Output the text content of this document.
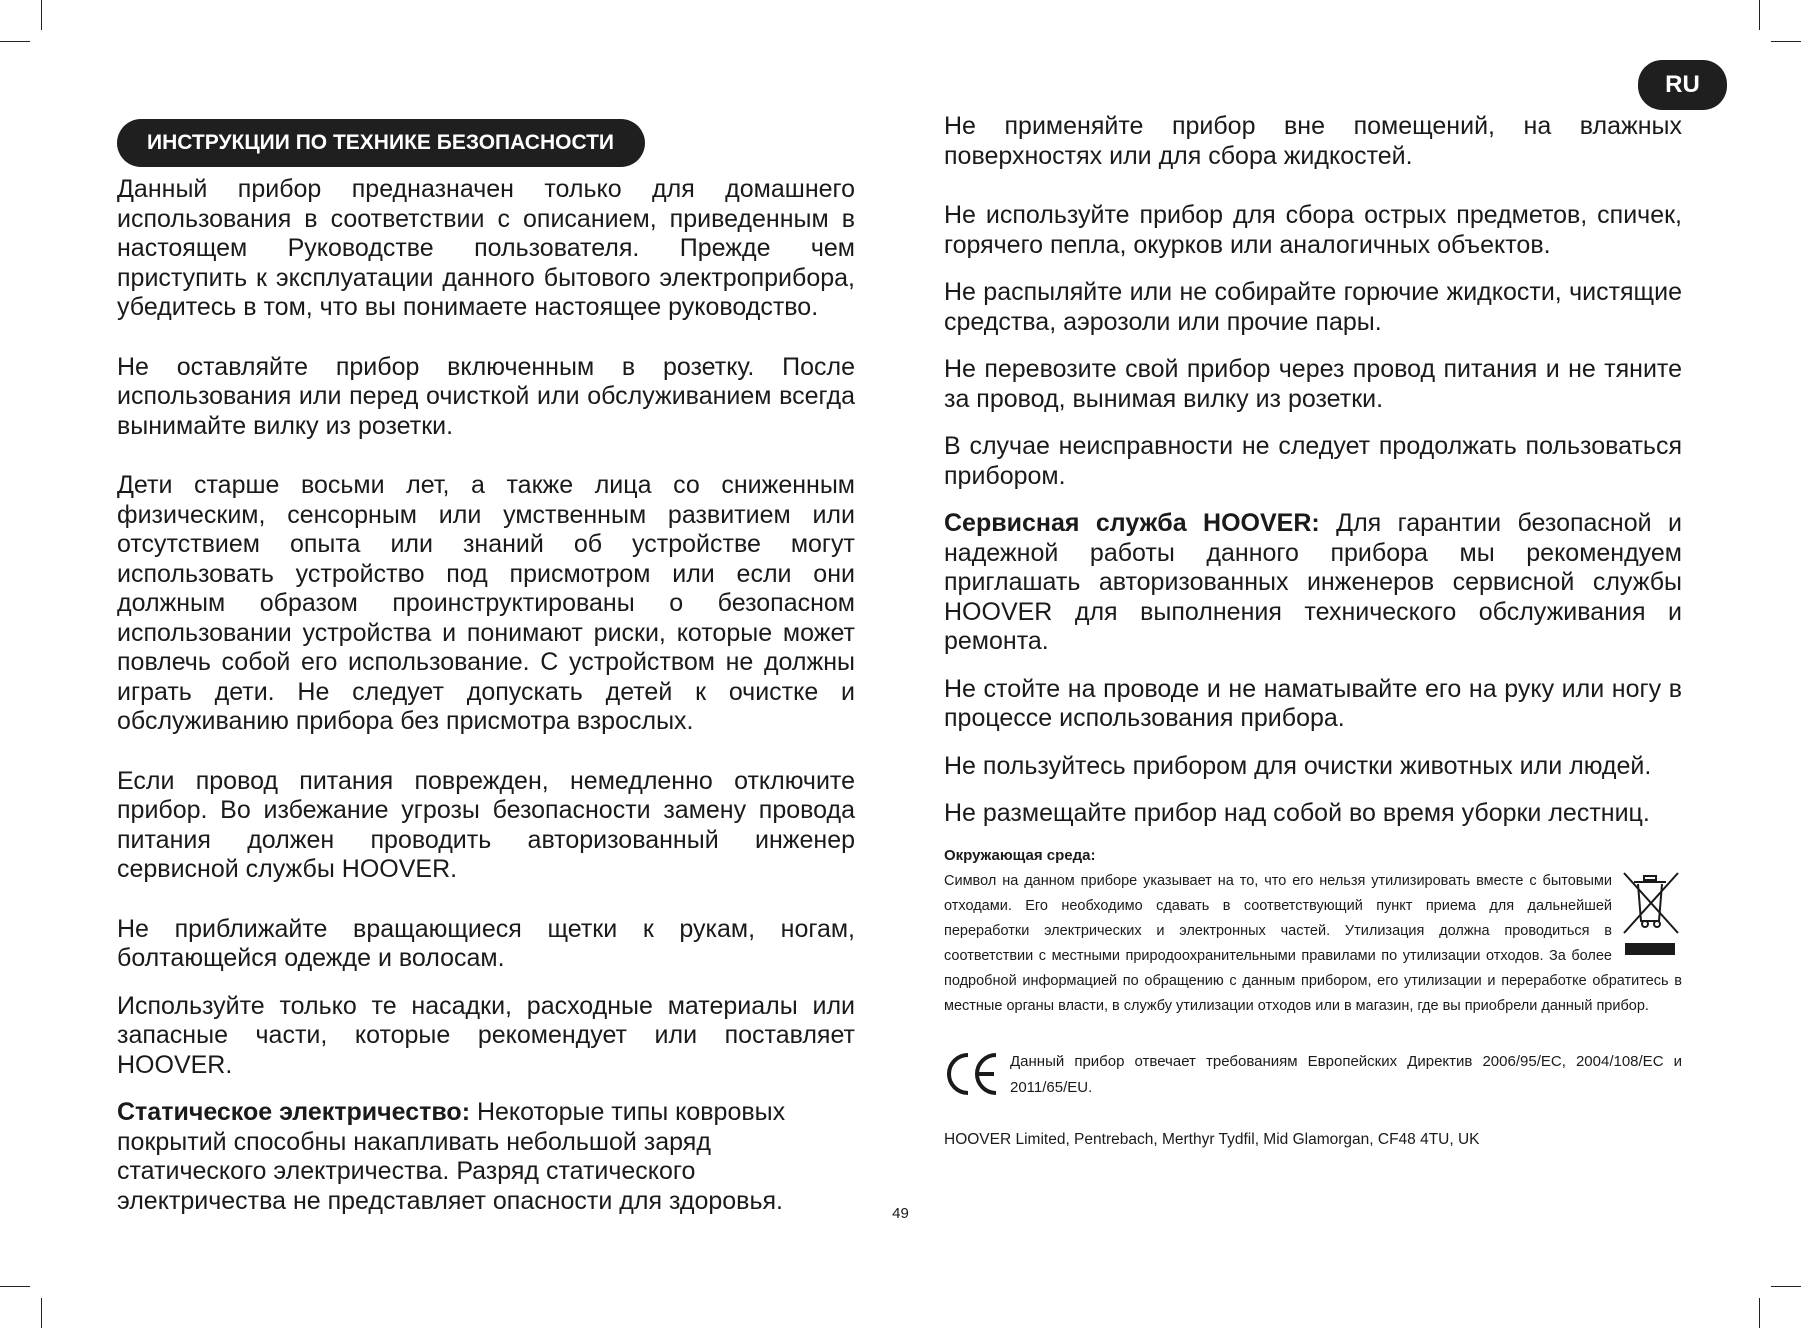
RU
ИНСТРУКЦИИ ПО ТЕХНИКЕ БЕЗОПАСНОСТИ

Данный прибор предназначен только для домашнего использования в соответствии с описанием, приведенным в настоящем Руководстве пользователя. Прежде чем приступить к эксплуатации данного бытового электроприбора, убедитесь в том, что вы понимаете настоящее руководство.

Не оставляйте прибор включенным в розетку. После использования или перед очисткой или обслуживанием всегда вынимайте вилку из розетки.

Дети старше восьми лет, а также лица со сниженным физическим, сенсорным или умственным развитием или отсутствием опыта или знаний об устройстве могут использовать устройство под присмотром или если они должным образом проинструктированы о безопасном использовании устройства и понимают риски, которые может повлечь собой его использование. С устройством не должны играть дети. Не следует допускать детей к очистке и обслуживанию прибора без присмотра взрослых.

Если провод питания поврежден, немедленно отключите прибор. Во избежание угрозы безопасности замену провода питания должен проводить авторизованный инженер сервисной службы HOOVER.

Не приближайте вращающиеся щетки к рукам, ногам, болтающейся одежде и волосам.

Используйте только те насадки, расходные материалы или запасные части, которые рекомендует или поставляет HOOVER.

Статическое электричество: Некоторые типы ковровых покрытий способны накапливать небольшой заряд статического электричества. Разряд статического электричества не представляет опасности для здоровья.

Не применяйте прибор вне помещений, на влажных поверхностях или для сбора жидкостей.

Не используйте прибор для сбора острых предметов, спичек, горячего пепла, окурков или аналогичных объектов.

Не распыляйте или не собирайте горючие жидкости, чистящие средства, аэрозоли или прочие пары.

Не перевозите свой прибор через провод питания и не тяните за провод, вынимая вилку из розетки.

В случае неисправности не следует продолжать пользоваться прибором.

Сервисная служба HOOVER: Для гарантии безопасной и надежной работы данного прибора мы рекомендуем приглашать авторизованных инженеров сервисной службы HOOVER для выполнения технического обслуживания и ремонта.

Не стойте на проводе и не наматывайте его на руку или ногу в процессе использования прибора.

Не пользуйтесь прибором для очистки животных или людей.

Не размещайте прибор над собой во время уборки лестниц.

Окружающая среда:

Символ на данном приборе указывает на то, что его нельзя утилизировать вместе с бытовыми отходами. Его необходимо сдавать в соответствующий пункт приема для дальнейшей переработки электрических и электронных частей. Утилизация должна проводиться в соответствии с местными природоохранительными правилами по утилизации отходов. За более подробной информацией по обращению с данным прибором, его утилизации и переработке обратитесь в местные органы власти, в службу утилизации отходов или в магазин, где вы приобрели данный прибор.

Данный прибор отвечает требованиям Европейских Директив 2006/95/EC, 2004/108/EC и 2011/65/EU.
HOOVER Limited, Pentrebach, Merthyr Tydfil, Mid Glamorgan, CF48 4TU, UK
49
